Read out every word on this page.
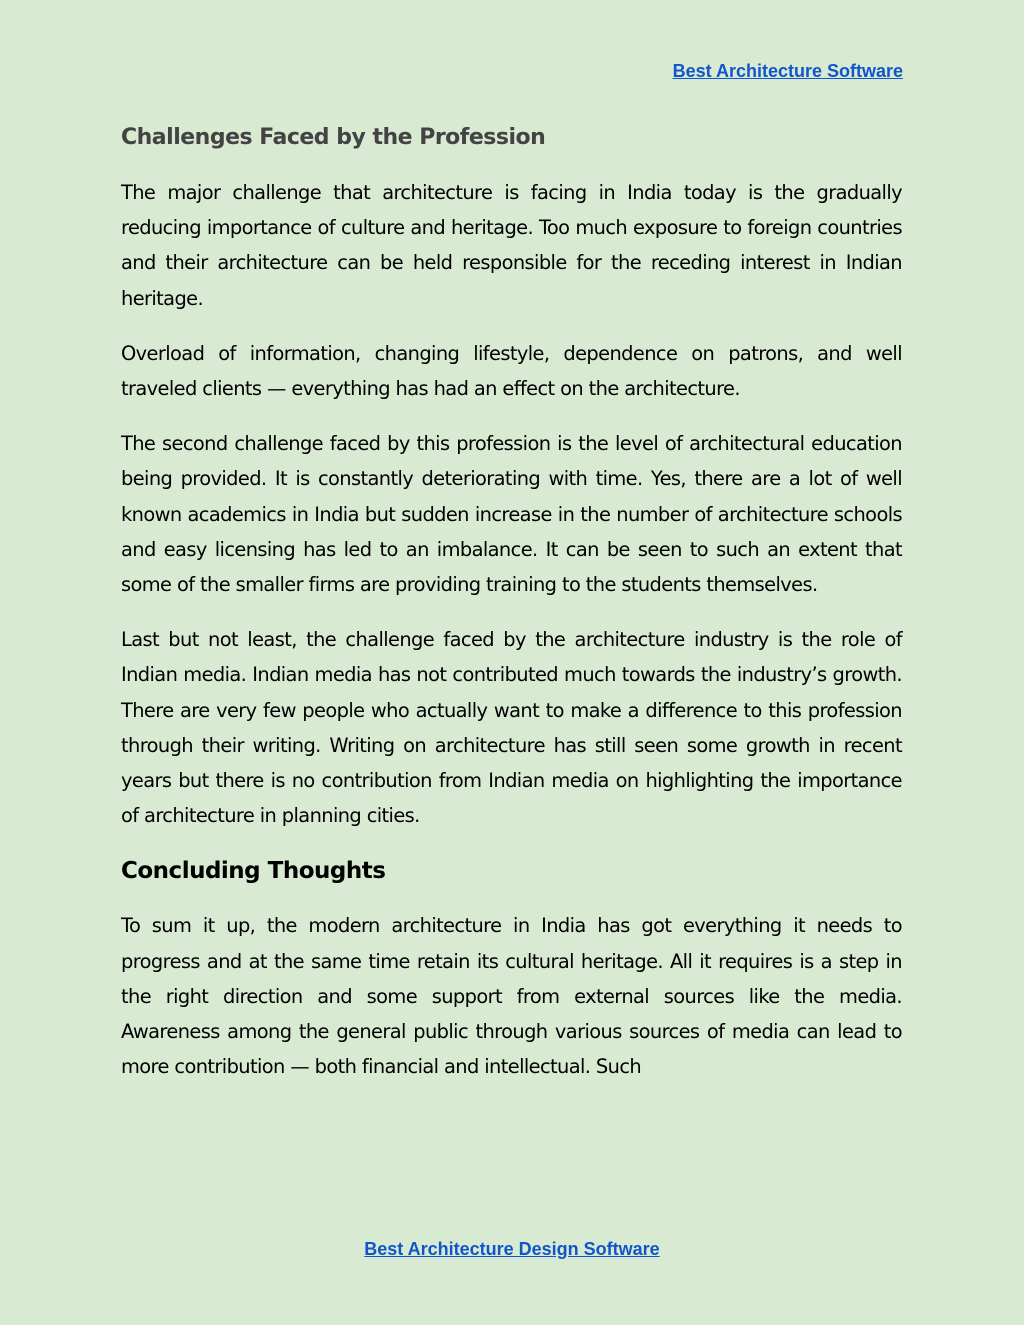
Best Architecture Software
Challenges Faced by the Profession

The major challenge that architecture is facing in India today is the gradually reducing importance of culture and heritage. Too much exposure to foreign countries and their architecture can be held responsible for the receding interest in Indian heritage.

Overload of information, changing lifestyle, dependence on patrons, and well traveled clients — everything has had an effect on the architecture.

The second challenge faced by this profession is the level of architectural education being provided. It is constantly deteriorating with time. Yes, there are a lot of well known academics in India but sudden increase in the number of architecture schools and easy licensing has led to an imbalance. It can be seen to such an extent that some of the smaller firms are providing training to the students themselves.

Last but not least, the challenge faced by the architecture industry is the role of Indian media. Indian media has not contributed much towards the industry’s growth. There are very few people who actually want to make a difference to this profession through their writing. Writing on architecture has still seen some growth in recent years but there is no contribution from Indian media on highlighting the importance of architecture in planning cities.

Concluding Thoughts

To sum it up, the modern architecture in India has got everything it needs to progress and at the same time retain its cultural heritage. All it requires is a step in the right direction and some support from external sources like the media. Awareness among the general public through various sources of media can lead to more contribution — both financial and intellectual. Such

Best Architecture Design Software
